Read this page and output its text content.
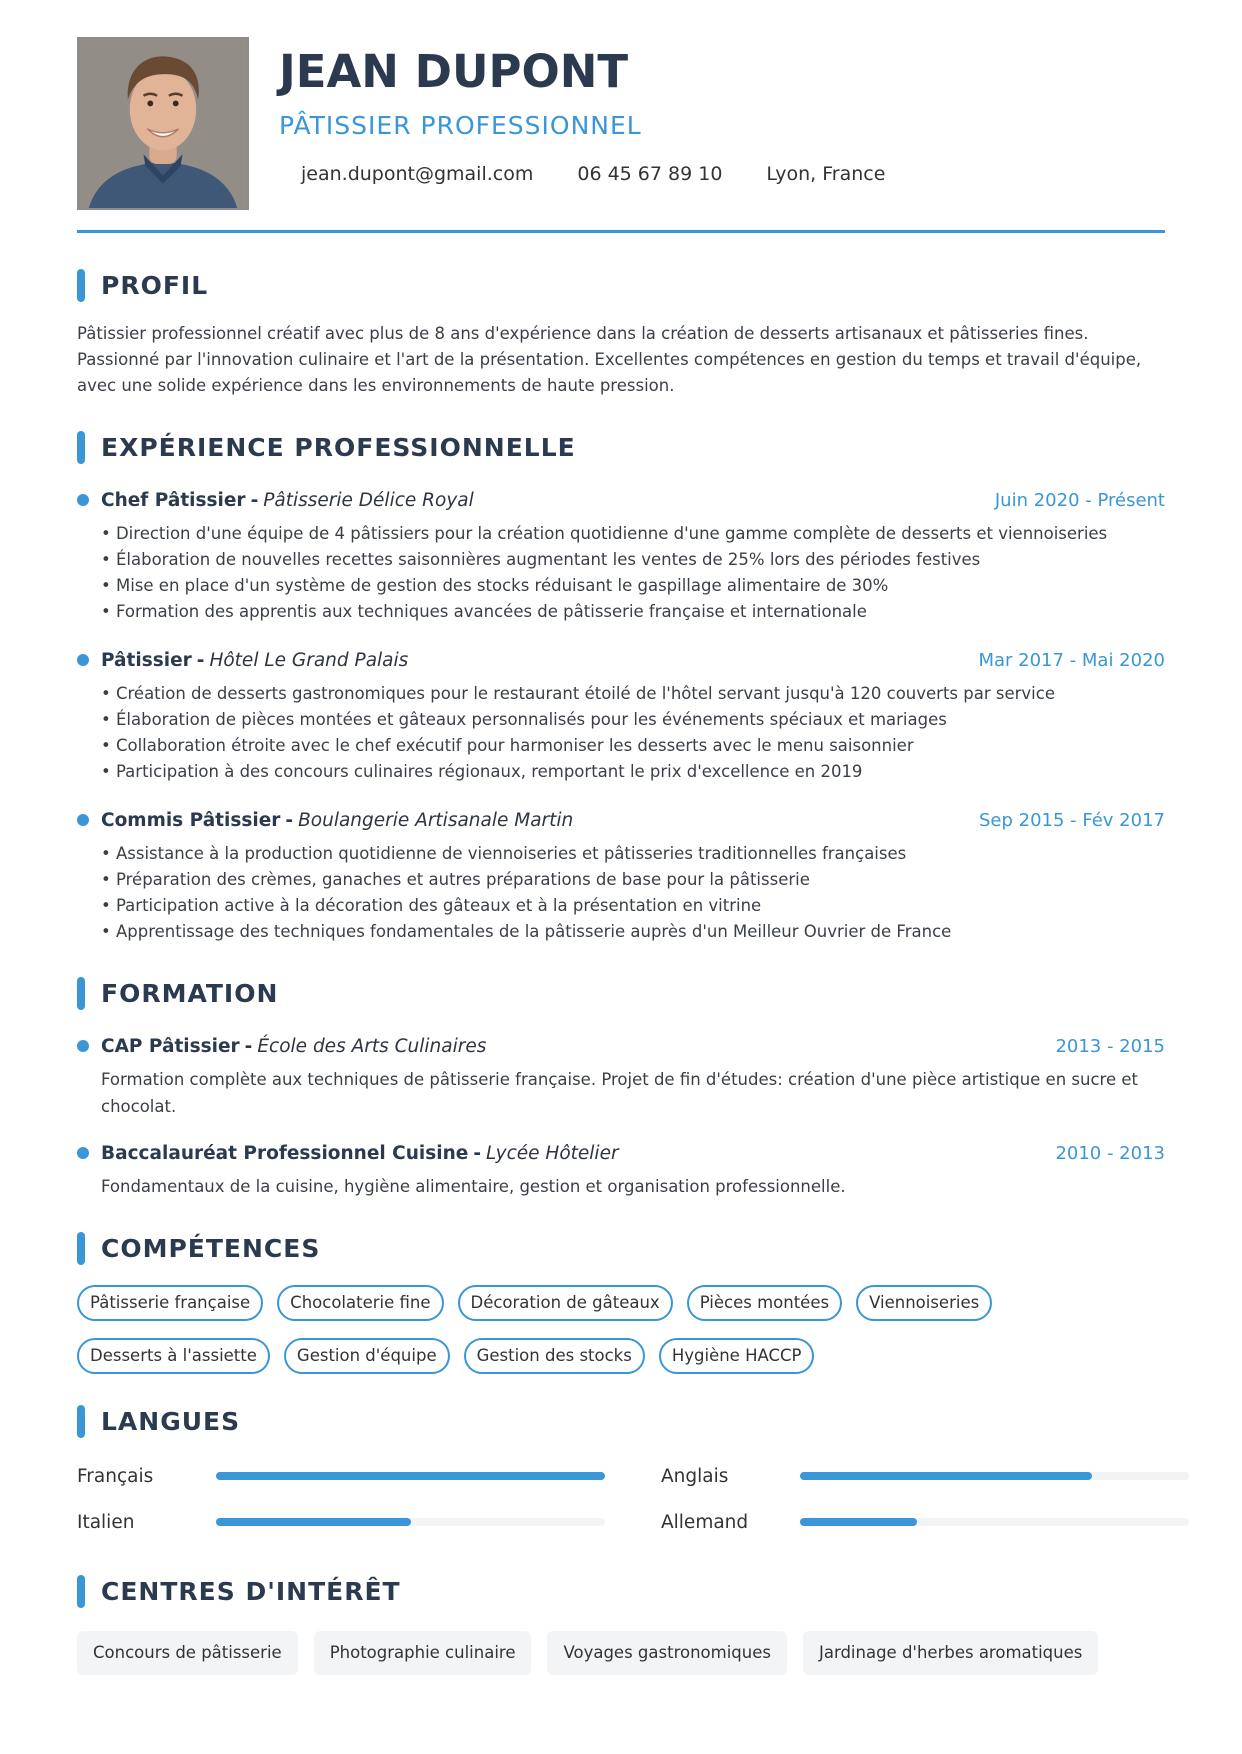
JEAN DUPONT
PÂTISSIER PROFESSIONNEL
jean.dupont@gmail.com 06 45 67 89 10 Lyon, France
PROFIL

Pâtissier professionnel créatif avec plus de 8 ans d'expérience dans la création de desserts artisanaux et pâtisseries fines. Passionné par l'innovation culinaire et l'art de la présentation. Excellentes compétences en gestion du temps et travail d'équipe, avec une solide expérience dans les environnements de haute pression.

EXPÉRIENCE PROFESSIONNELLE
Chef Pâtissier - Pâtisserie Délice Royal	Juin 2020 - Présent
• Direction d'une équipe de 4 pâtissiers pour la création quotidienne d'une gamme complète de desserts et viennoiseries
• Élaboration de nouvelles recettes saisonnières augmentant les ventes de 25% lors des périodes festives
• Mise en place d'un système de gestion des stocks réduisant le gaspillage alimentaire de 30%
• Formation des apprentis aux techniques avancées de pâtisserie française et internationale
Pâtissier - Hôtel Le Grand Palais	Mar 2017 - Mai 2020
• Création de desserts gastronomiques pour le restaurant étoilé de l'hôtel servant jusqu'à 120 couverts par service
• Élaboration de pièces montées et gâteaux personnalisés pour les événements spéciaux et mariages
• Collaboration étroite avec le chef exécutif pour harmoniser les desserts avec le menu saisonnier
• Participation à des concours culinaires régionaux, remportant le prix d'excellence en 2019
Commis Pâtissier - Boulangerie Artisanale Martin	Sep 2015 - Fév 2017
• Assistance à la production quotidienne de viennoiseries et pâtisseries traditionnelles françaises
• Préparation des crèmes, ganaches et autres préparations de base pour la pâtisserie
• Participation active à la décoration des gâteaux et à la présentation en vitrine
• Apprentissage des techniques fondamentales de la pâtisserie auprès d'un Meilleur Ouvrier de France
FORMATION
CAP Pâtissier - École des Arts Culinaires	2013 - 2015

Formation complète aux techniques de pâtisserie française. Projet de fin d'études: création d'une pièce artistique en sucre et chocolat.

Baccalauréat Professionnel Cuisine - Lycée Hôtelier	2010 - 2013

Fondamentaux de la cuisine, hygiène alimentaire, gestion et organisation professionnelle.

COMPÉTENCES
Pâtisserie française	Chocolaterie fine	Décoration de gâteaux	Pièces montées	Viennoiseries
Desserts à l'assiette	Gestion d'équipe	Gestion des stocks	Hygiène HACCP
LANGUES
Français	Anglais
Italien	Allemand
CENTRES D'INTÉRÊT
Concours de pâtisserie	Photographie culinaire	Voyages gastronomiques	Jardinage d'herbes aromatiques
